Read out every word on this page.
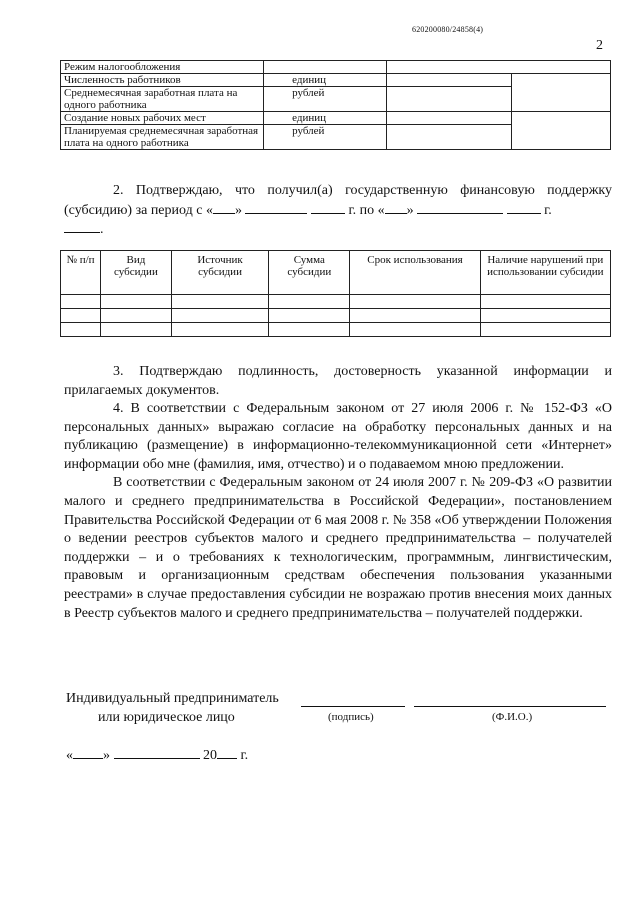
620200080/24858(4)
2
Режим налогообложения			
Численность работников	единиц		
Среднемесячная заработная плата на одного работника	рублей		
Создание новых рабочих мест	единиц		
Планируемая среднемесячная заработная плата на одного работника	рублей		

2. Подтверждаю, что получил(а) государственную финансовую поддержку (субсидию) за период с « »	г. по « »	г.

.
№ п/п	Вид субсидии	Источник субсидии	Сумма субсидии	Срок использования	Наличие нарушений при использовании субсидии

3. Подтверждаю подлинность, достоверность указанной информации и прилагаемых документов.

4. В соответствии с Федеральным законом от 27 июля 2006 г. № 152-ФЗ «О персональных данных» выражаю согласие на обработку персональных данных и на публикацию (размещение) в информационно-телекоммуникационной сети «Интернет» информации обо мне (фамилия, имя, отчество) и о подаваемом мною предложении.

В соответствии с Федеральным законом от 24 июля 2007 г. № 209-ФЗ «О развитии малого и среднего предпринимательства в Российской Федерации», постановлением Правительства Российской Федерации от 6 мая 2008 г. № 358 «Об утверждении Положения о ведении реестров субъектов малого и среднего предпринимательства – получателей поддержки – и о требованиях к технологическим, программным, лингвистическим, правовым и организационным средствам обеспечения пользования указанными реестрами» в случае предоставления субсидии не возражаю против внесения моих данных в Реестр субъектов малого и среднего предпринимательства – получателей поддержки.

Индивидуальный предприниматель
или юридическое лицо	(подпись)	(Ф.И.О.)
« »	20 г.
